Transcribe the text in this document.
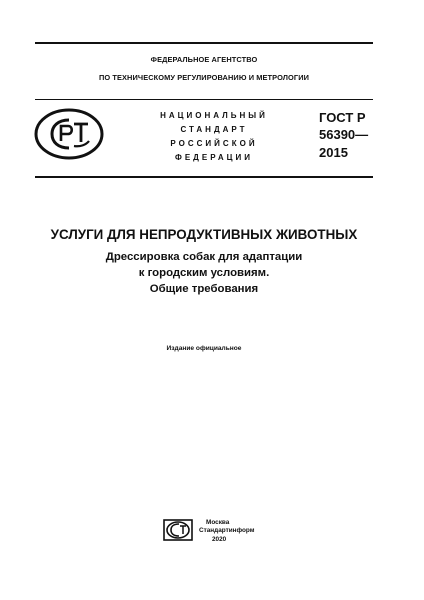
ФЕДЕРАЛЬНОЕ АГЕНТСТВО
ПО ТЕХНИЧЕСКОМУ РЕГУЛИРОВАНИЮ И МЕТРОЛОГИИ
НАЦИОНАЛЬНЫЙ
СТАНДАРТ
РОССИЙСКОЙ
ФЕДЕРАЦИИ
ГОСТ Р
56390—
2015
УСЛУГИ ДЛЯ НЕПРОДУКТИВНЫХ ЖИВОТНЫХ
Дрессировка собак для адаптации
к городским условиям.
Общие требования
Издание официальное
Москва
Стандартинформ
2020
